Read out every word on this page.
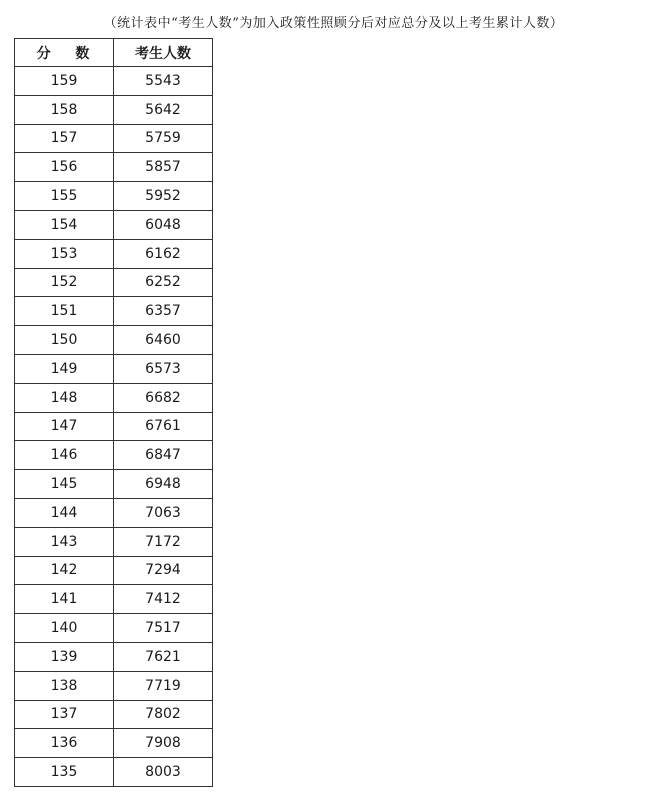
（统计表中“考生人数”为加入政策性照顾分后对应总分及以上考生累计人数）
分 数	考生人数
159	5543
158	5642
157	5759
156	5857
155	5952
154	6048
153	6162
152	6252
151	6357
150	6460
149	6573
148	6682
147	6761
146	6847
145	6948
144	7063
143	7172
142	7294
141	7412
140	7517
139	7621
138	7719
137	7802
136	7908
135	8003
